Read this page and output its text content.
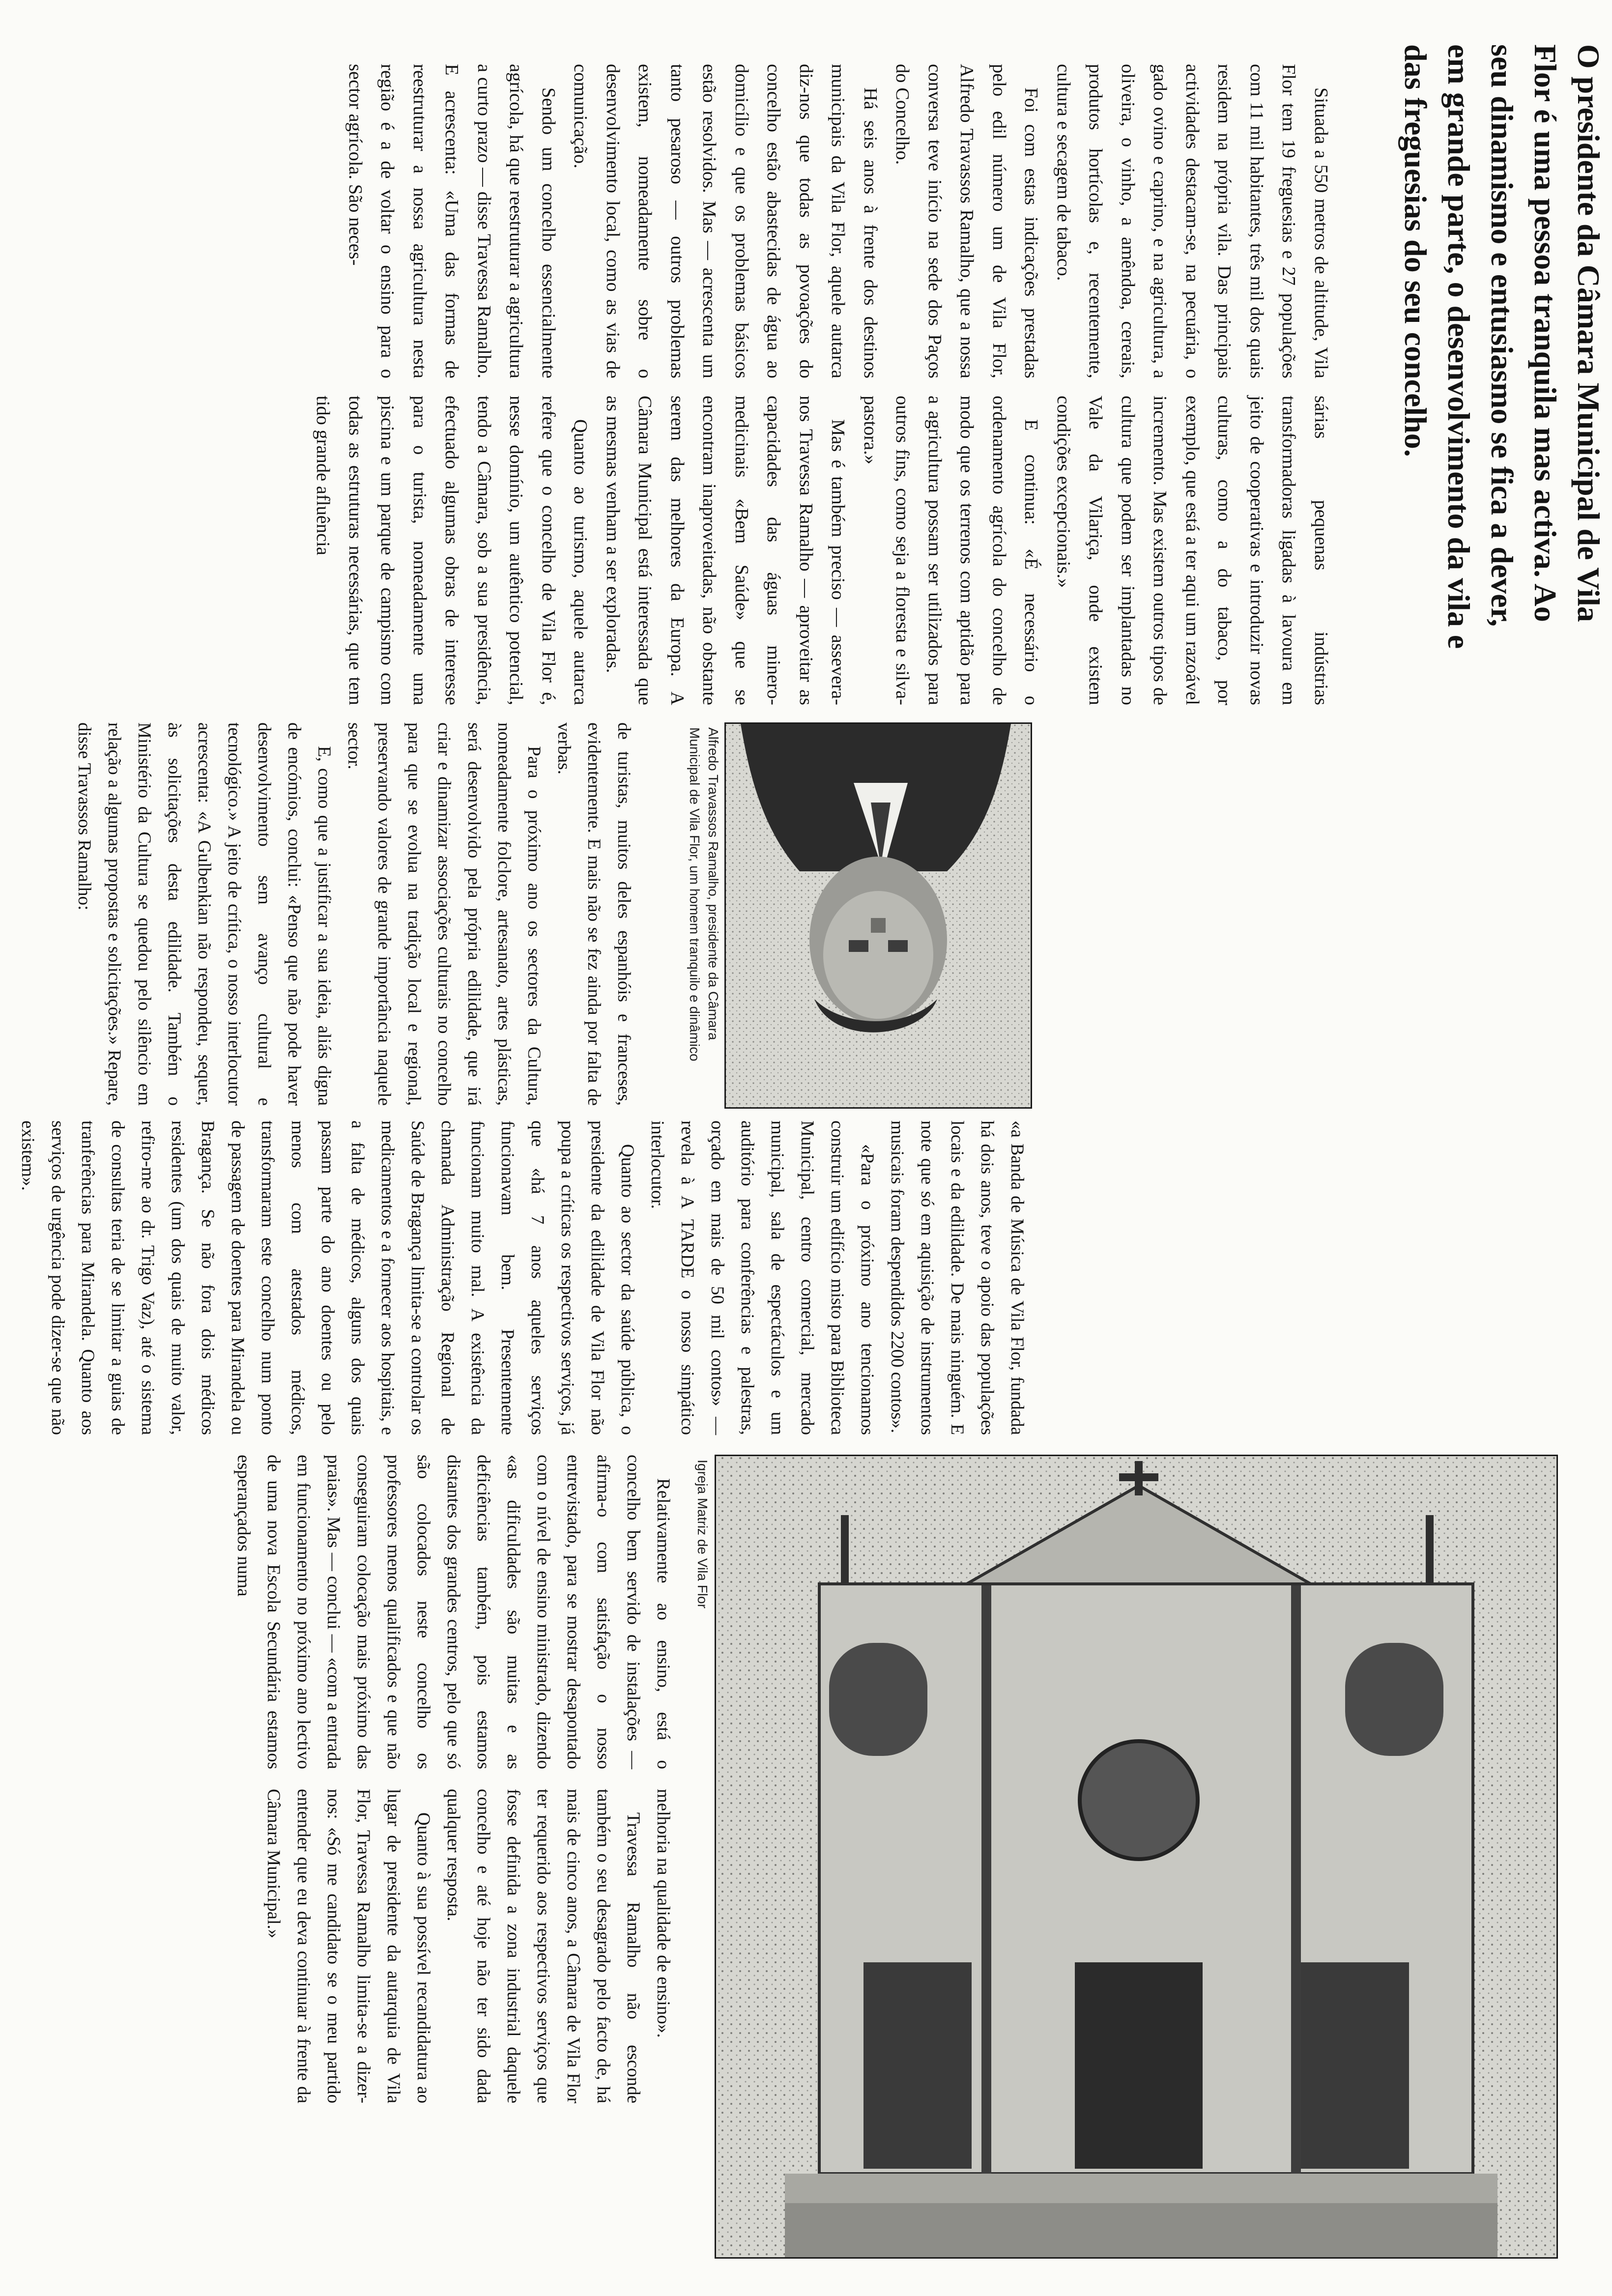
O presidente da Câmara Municipal de Vila
Flor é uma pessoa tranquila mas activa. Ao
seu dinamismo e entusiasmo se fica a dever,
em grande parte, o desenvolvimento da vila e
das freguesias do seu concelho.

Situada a 550 metros de altitude, Vila Flor tem 19 freguesias e 27 populações com 11 mil habitantes, três mil dos quais residem na própria vila. Das principais actividades destacam-se, na pecuária, o gado ovino e caprino, e na agricultura, a oliveira, o vinho, a amêndoa, cereais, produtos hortícolas e, recentemente, cultura e secagem de tabaco.

Foi com estas indicações prestadas pelo edil número um de Vila Flor, Alfredo Travassos Ramalho, que a nossa conversa teve início na sede dos Paços do Concelho.

Há seis anos à frente dos destinos municipais da Vila Flor, aquele autarca diz-nos que todas as povoações do concelho estão abastecidas de água ao domicílio e que os problemas básicos estão resolvidos. Mas — acrescenta um tanto pesaroso — outros problemas existem, nomeadamente sobre o desenvolvimento local, como as vias de comunicação.

Sendo um concelho essencialmente agrícola, há que reestruturar a agricultura a curto prazo — disse Travessa Ramalho. E acrescenta: «Uma das formas de reestruturar a nossa agricultura nesta região é a de voltar o ensino para o sector agrícola. São neces-

sárias pequenas indústrias transformadoras ligadas à lavoura em jeito de cooperativas e introduzir novas culturas, como a do tabaco, por exemplo, que está a ter aqui um razoável incremento. Mas existem outros tipos de cultura que podem ser implantadas no Vale da Vilariça, onde existem condições excepcionais.»

E continua: «É necessário o ordenamento agrícola do concelho de modo que os terrenos com aptidão para a agricultura possam ser utilizados para outros fins, como seja a floresta e silva-pastora.»

Mas é também preciso — assevera-nos Travessa Ramalho — aproveitar as capacidades das águas minero-medicinais «Bem Saúde» que se encontram inaproveitadas, não obstante serem das melhores da Europa. A Câmara Municipal está interessada que as mesmas venham a ser exploradas.

Quanto ao turismo, aquele autarca refere que o concelho de Vila Flor é, nesse domínio, um autêntico potencial, tendo a Câmara, sob a sua presidência, efectuado algumas obras de interesse para o turista, nomeadamente uma piscina e um parque de campismo com todas as estruturas necessárias, que tem tido grande afluência

Alfredo Travassos Ramalho, presidente da Câmara Municipal de Vila Flor, um homem tranquilo e dinâmico

de turistas, muitos deles espanhóis e franceses, evidentemente. E mais não se fez ainda por falta de verbas.

Para o próximo ano os sectores da Cultura, nomeadamente folclore, artesanato, artes plásticas, será desenvolvido pela própria edilidade, que irá criar e dinamizar associações culturais no concelho para que se evolua na tradição local e regional, preservando valores de grande importância naquele sector.

E, como que a justificar a sua ideia, aliás digna de encómios, conclui: «Penso que não pode haver desenvolvimento sem avanço cultural e tecnológico.» A jeito de crítica, o nosso interlocutor acrescenta: «A Gulbenkian não respondeu, sequer, às solicitações desta edilidade. Também o Ministério da Cultura se quedou pelo silêncio em relação a algumas propostas e solicitações.» Repare, disse Travassos Ramalho:

«a Banda de Música de Vila Flor, fundada há dois anos, teve o apoio das populações locais e da edilidade. De mais ninguém. E note que só em aquisição de instrumentos musicais foram despendidos 2200 contos».

«Para o próximo ano tencionamos construir um edifício misto para Biblioteca Municipal, centro comercial, mercado municipal, sala de espectáculos e um auditório para conferências e palestras, orçado em mais de 50 mil contos» — revela à A TARDE o nosso simpático interlocutor.

Quanto ao sector da saúde pública, o presidente da edilidade de Vila Flor não poupa a críticas os respectivos serviços, já que «há 7 anos aqueles serviços funcionavam bem. Presentemente funcionam muito mal. A existência da chamada Administração Regional de Saúde de Bragança limita-se a controlar os medicamentos e a fornecer aos hospitais, e a falta de médicos, alguns dos quais passam parte do ano doentes ou pelo menos com atestados médicos, transformaram este concelho num ponto de passagem de doentes para Mirandela ou Bragança. Se não fora dois médicos residentes (um dos quais de muito valor, refiro-me ao dr. Trigo Vaz), até o sistema de consultas teria de se limitar a guias de tranferências para Mirandela. Quanto aos serviços de urgência pode dizer-se que não existem».

Igreja Matriz de Vila Flor

Relativamente ao ensino, está o concelho bem servido de instalações — afirma-o com satisfação o nosso entrevistado, para se mostrar desapontado com o nível de ensino ministrado, dizendo «as dificuldades são muitas e as deficiências também, pois estamos distantes dos grandes centros, pelo que só são colocados neste concelho os professores menos qualificados e que não conseguiram colocação mais próximo das praias». Mas — conclui — «com a entrada em funcionamento no próximo ano lectivo de uma nova Escola Secundária estamos esperançados numa

melhoria na qualidade de ensino».

Travessa Ramalho não esconde também o seu desagrado pelo facto de, há mais de cinco anos, a Câmara de Vila Flor ter requerido aos respectivos serviços que fosse definida a zona industrial daquele concelho e até hoje não ter sido dada qualquer resposta.

Quanto à sua possível recandidatura ao lugar de presidente da autarquia de Vila Flor, Travessa Ramalho limita-se a dizer-nos: «Só me candidato se o meu partido entender que eu deva continuar à frente da Câmara Municipal.»
